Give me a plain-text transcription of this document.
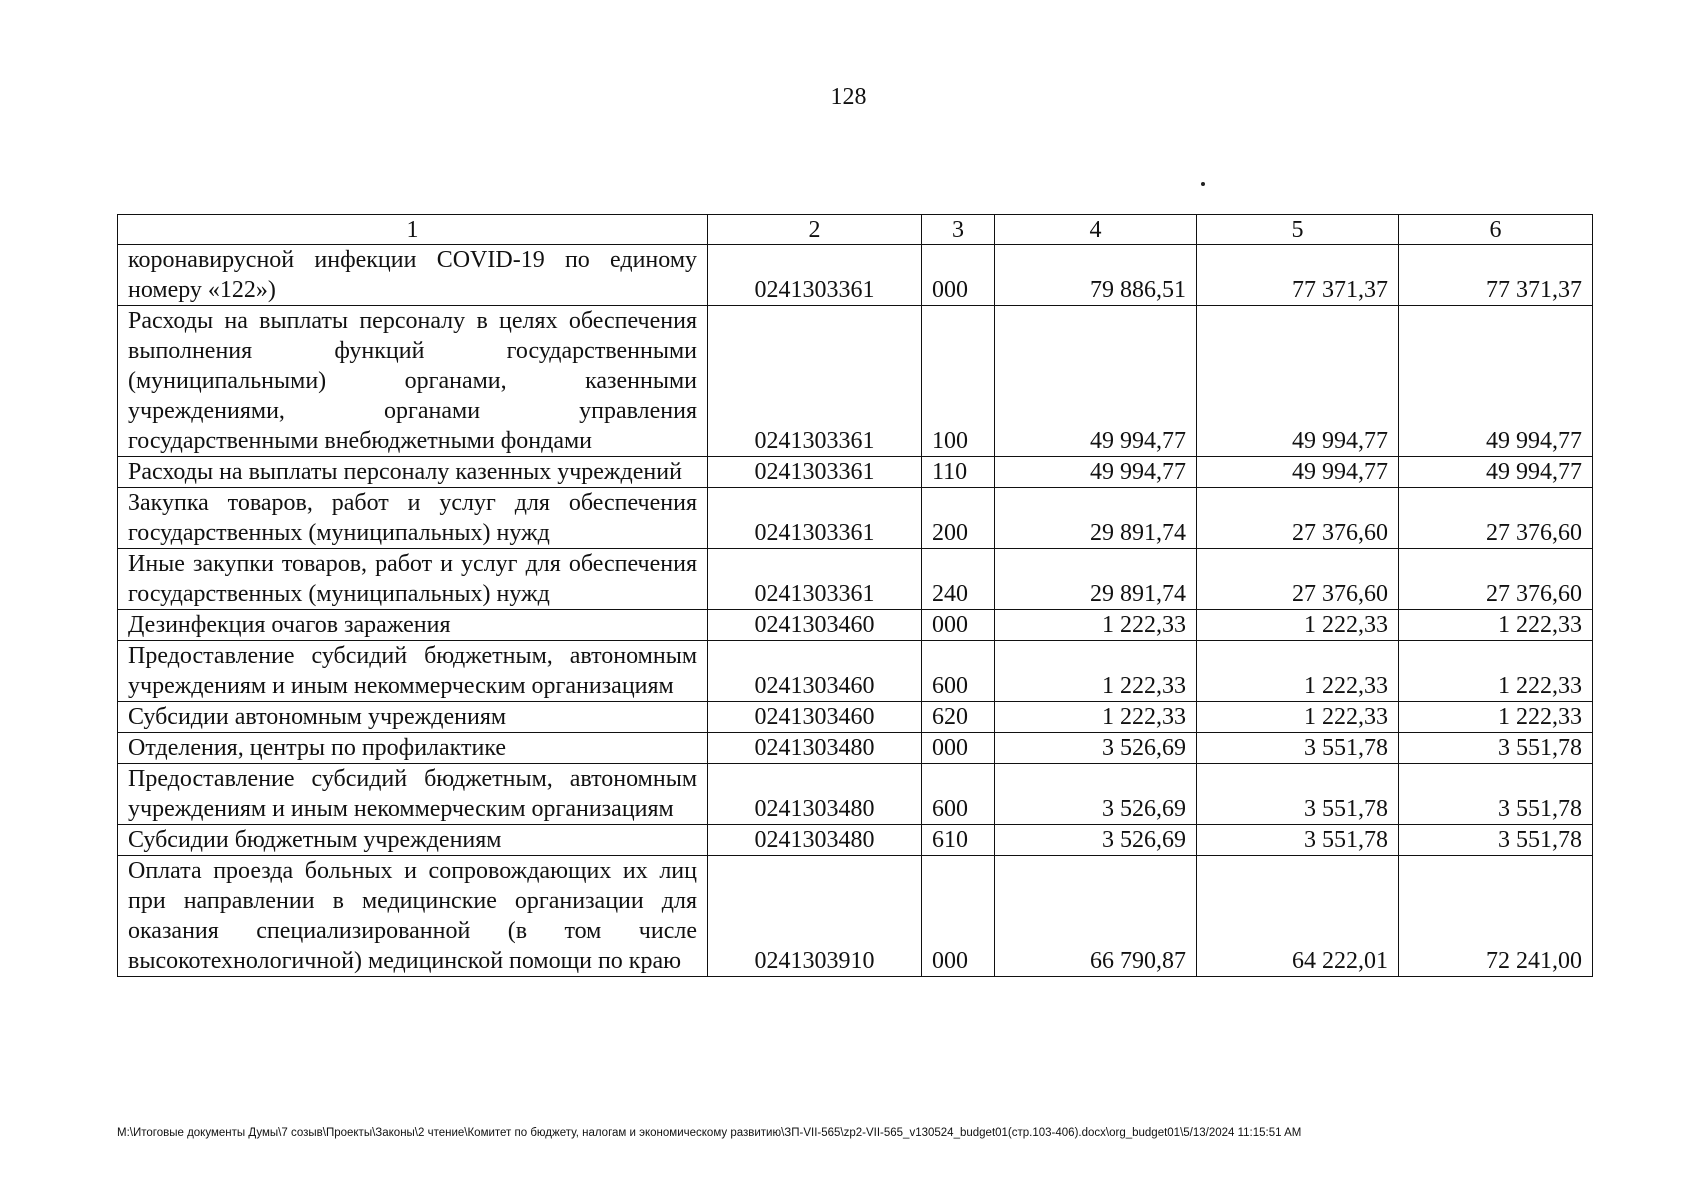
128
1	2	3	4	5	6
коронавирусной инфекции COVID-19 по единому номеру «122»)	0241303361	000	79 886,51	77 371,37	77 371,37
Расходы на выплаты персоналу в целях обеспечения выполнения функций государственными (муниципальными) органами, казенными учреждениями, органами управления государственными внебюджетными фондами	0241303361	100	49 994,77	49 994,77	49 994,77
Расходы на выплаты персоналу казенных учреждений	0241303361	110	49 994,77	49 994,77	49 994,77
Закупка товаров, работ и услуг для обеспечения государственных (муниципальных) нужд	0241303361	200	29 891,74	27 376,60	27 376,60
Иные закупки товаров, работ и услуг для обеспечения государственных (муниципальных) нужд	0241303361	240	29 891,74	27 376,60	27 376,60
Дезинфекция очагов заражения	0241303460	000	1 222,33	1 222,33	1 222,33
Предоставление субсидий бюджетным, автономным учреждениям и иным некоммерческим организациям	0241303460	600	1 222,33	1 222,33	1 222,33
Субсидии автономным учреждениям	0241303460	620	1 222,33	1 222,33	1 222,33
Отделения, центры по профилактике	0241303480	000	3 526,69	3 551,78	3 551,78
Предоставление субсидий бюджетным, автономным учреждениям и иным некоммерческим организациям	0241303480	600	3 526,69	3 551,78	3 551,78
Субсидии бюджетным учреждениям	0241303480	610	3 526,69	3 551,78	3 551,78
Оплата проезда больных и сопровождающих их лиц при направлении в медицинские организации для оказания специализированной (в том числе высокотехнологичной) медицинской помощи по краю	0241303910	000	66 790,87	64 222,01	72 241,00
M:\Итоговые документы Думы\7 созыв\Проекты\Законы\2 чтение\Комитет по бюджету, налогам и экономическому развитию\ЗП-VII-565\zp2-VII-565_v130524_budget01(стр.103-406).docx\org_budget01\5/13/2024 11:15:51 AM
